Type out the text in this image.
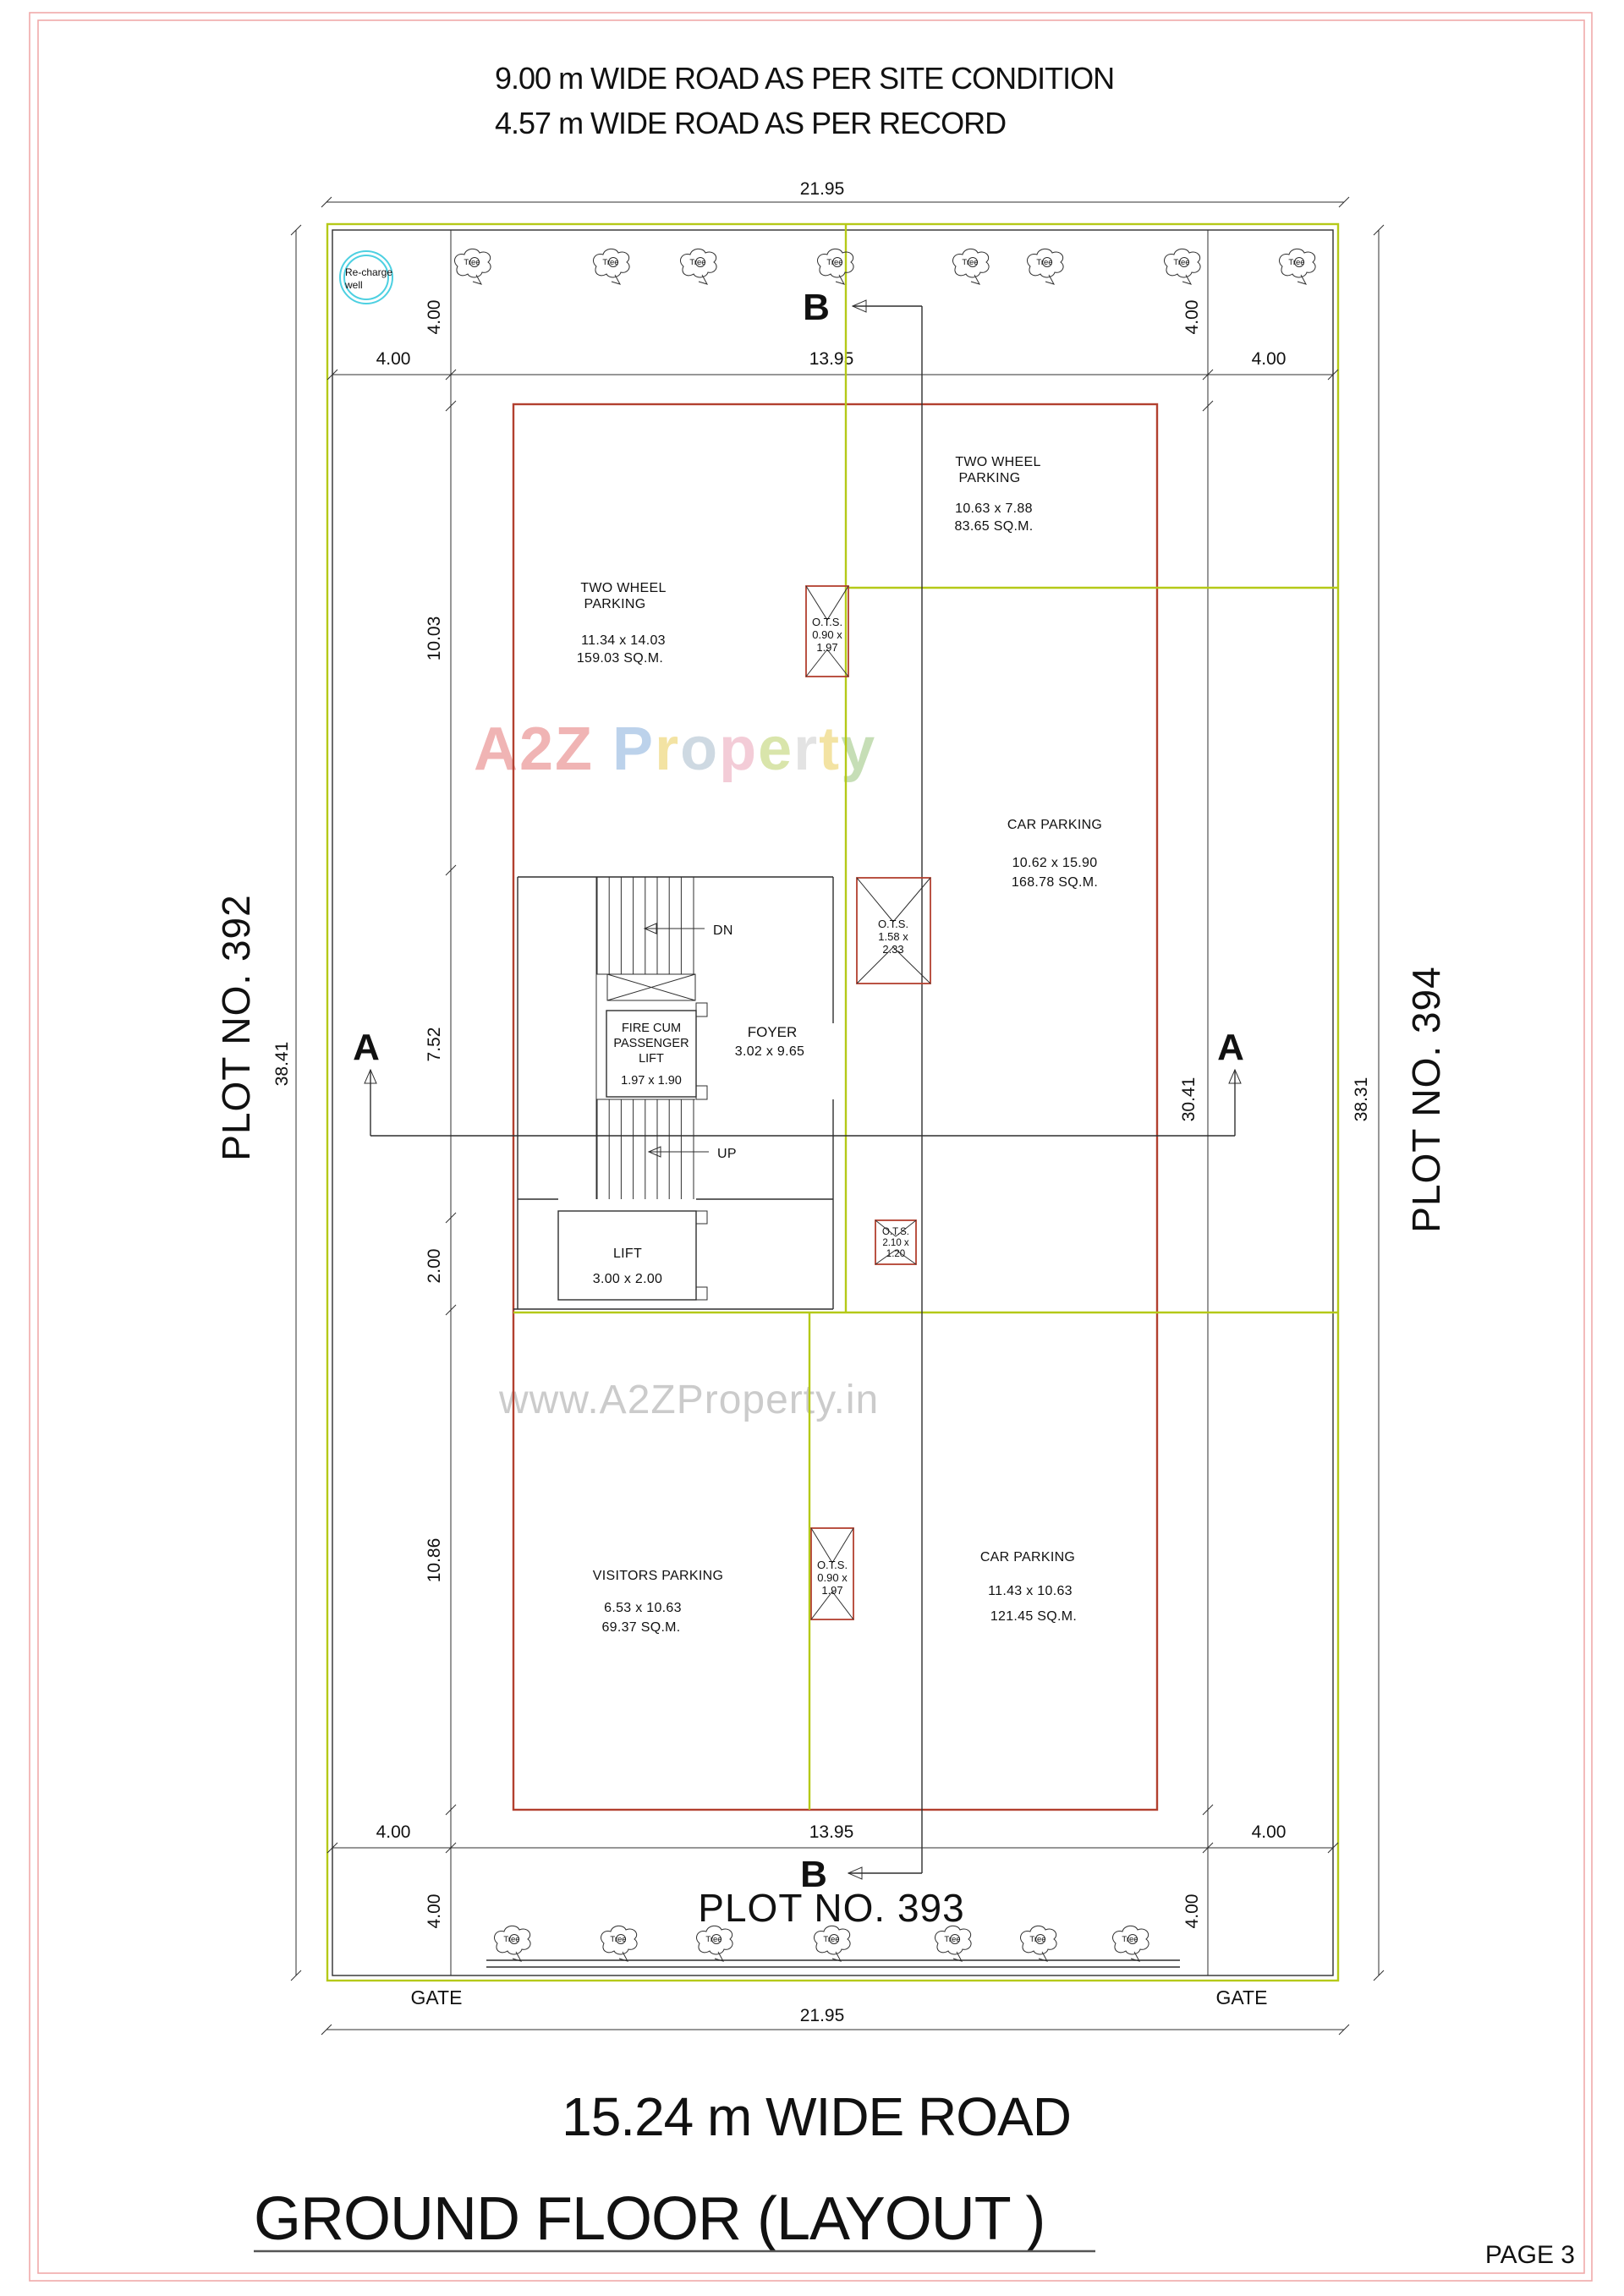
A2Z Property
www.A2ZProperty.in
9.00 m WIDE ROAD AS PER SITE CONDITION
4.57 m WIDE ROAD AS PER RECORD
21.95
38.41
PLOT NO. 392	38.31 PLOT NO. 394
4.00	13.95	4.00
4.00	4.00
4.00	13.95	4.00
4.00	4.00
10.03
7.52
2.00
10.86
30.41
B
B
A	A
Re-charge
well
TWO WHEEL
PARKING
11.34 x 14.03
159.03 SQ.M.
TWO WHEEL
PARKING
10.63 x 7.88
83.65 SQ.M.
CAR PARKING
10.62 x 15.90
168.78 SQ.M.
VISITORS PARKING
6.53 x 10.63
69.37 SQ.M.
CAR PARKING
11.43 x 10.63
121.45 SQ.M.
O.T.S.
0.90 x
1.97
O.T.S.
1.58 x
2.33
O.T.S.
2.10 x
1.20
O.T.S.
0.90 x
1.97
DN
UP
FIRE CUM
PASSENGER
LIFT
1.97 x 1.90
FOYER
3.02 x 9.65
LIFT
3.00 x 2.00
Tree	Tree	Tree	Tree	Tree	Tree	Tree	Tree
Tree	Tree	Tree	Tree	Tree	Tree	Tree
GATE	GATE
PLOT NO. 393
21.95
15.24 m WIDE ROAD
GROUND FLOOR (LAYOUT )
PAGE 3
